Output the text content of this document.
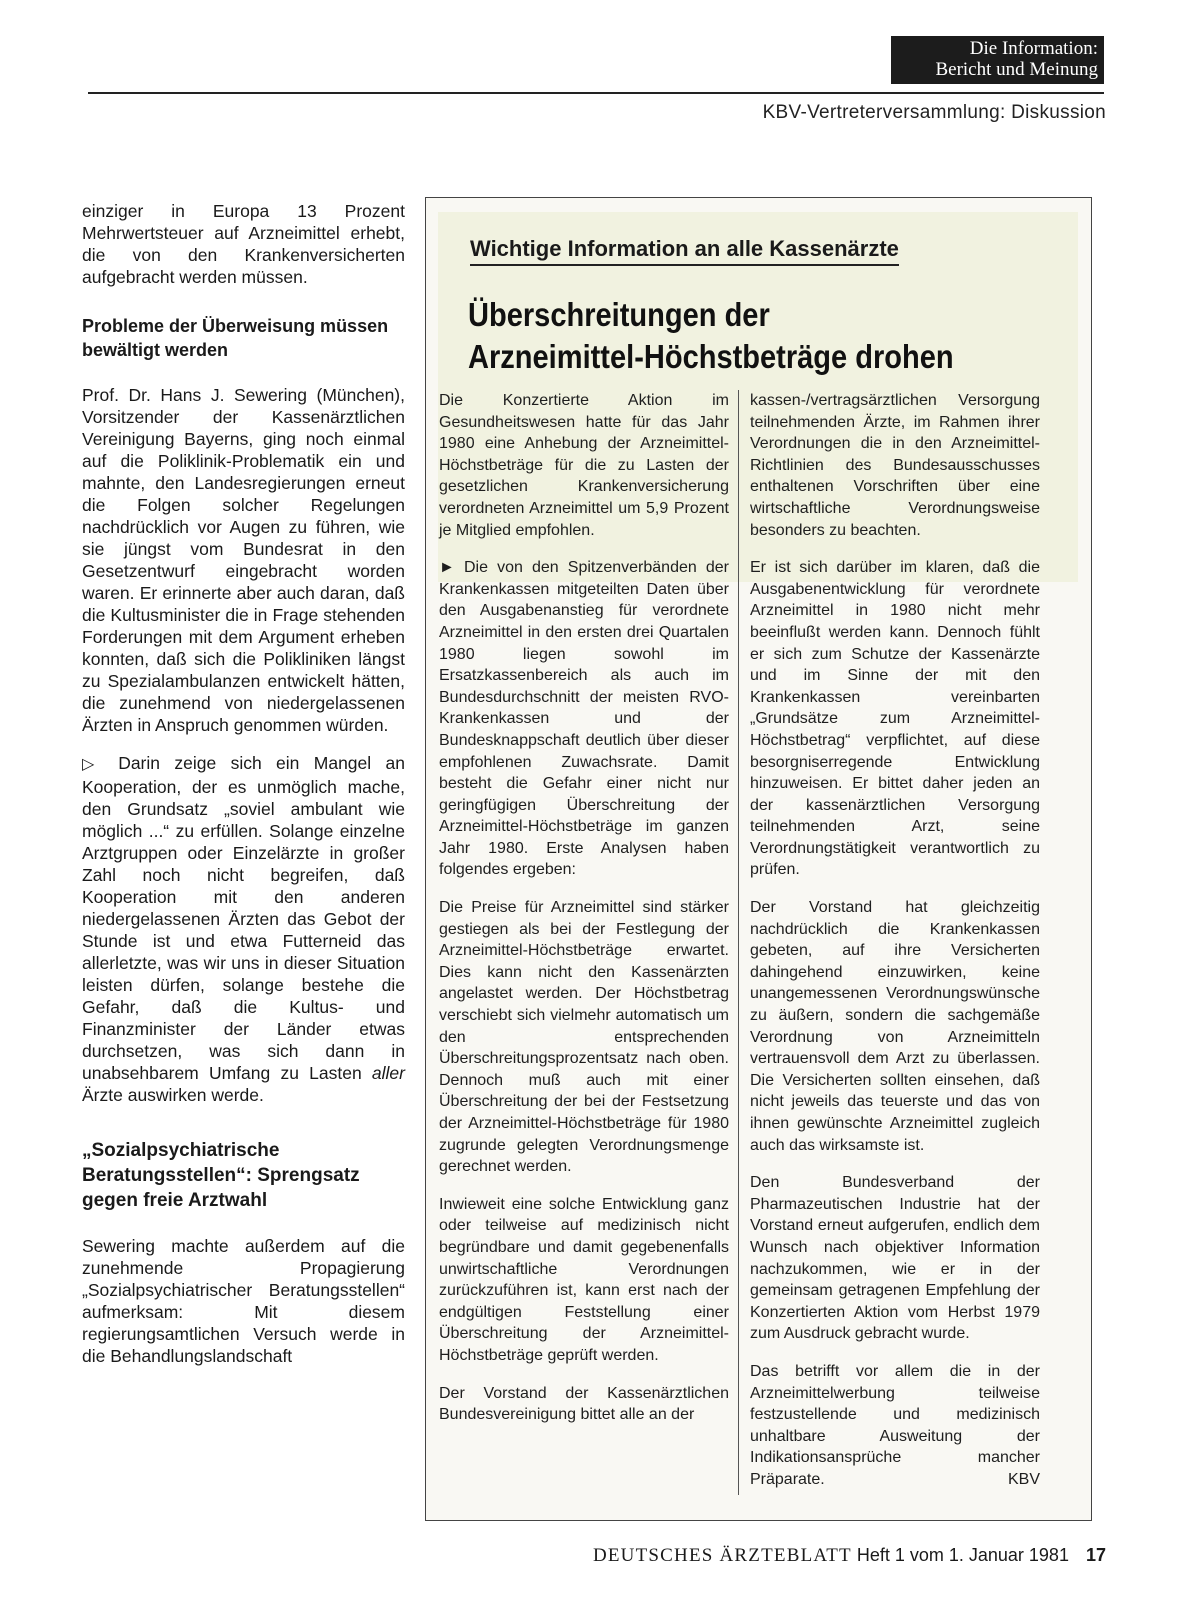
Die Information:
Bericht und Meinung
KBV-Vertreterversammlung: Diskussion

einziger in Europa 13 Prozent Mehrwertsteuer auf Arzneimittel erhebt, die von den Krankenversicherten aufgebracht werden müssen.

Probleme der Überweisung müssen bewältigt werden

Prof. Dr. Hans J. Sewering (München), Vorsitzender der Kassenärztlichen Vereinigung Bayerns, ging noch einmal auf die Poliklinik-Problematik ein und mahnte, den Landesregierungen erneut die Folgen solcher Regelungen nachdrücklich vor Augen zu führen, wie sie jüngst vom Bundesrat in den Gesetzentwurf eingebracht worden waren. Er erinnerte aber auch daran, daß die Kultusminister die in Frage stehenden Forderungen mit dem Argument erheben konnten, daß sich die Polikliniken längst zu Spezialambulanzen entwickelt hätten, die zunehmend von niedergelassenen Ärzten in Anspruch genommen würden.

▷ Darin zeige sich ein Mangel an Kooperation, der es unmöglich mache, den Grundsatz „soviel ambulant wie möglich ...“ zu erfüllen. Solange einzelne Arztgruppen oder Einzelärzte in großer Zahl noch nicht begreifen, daß Kooperation mit den anderen niedergelassenen Ärzten das Gebot der Stunde ist und etwa Futterneid das allerletzte, was wir uns in dieser Situation leisten dürfen, solange bestehe die Gefahr, daß die Kultus- und Finanzminister der Länder etwas durchsetzen, was sich dann in unabsehbarem Umfang zu Lasten aller Ärzte auswirken werde.

„Sozialpsychiatrische Beratungsstellen“: Sprengsatz gegen freie Arztwahl

Sewering machte außerdem auf die zunehmende Propagierung „Sozialpsychiatrischer Beratungsstellen“ aufmerksam: Mit diesem regierungsamtlichen Versuch werde in die Behandlungslandschaft

Wichtige Information an alle Kassenärzte
Überschreitungen der
Arzneimittel-Höchstbeträge drohen

Die Konzertierte Aktion im Gesundheitswesen hatte für das Jahr 1980 eine Anhebung der Arzneimittel-Höchstbeträge für die zu Lasten der gesetzlichen Krankenversicherung verordneten Arzneimittel um 5,9 Prozent je Mitglied empfohlen.

► Die von den Spitzenverbänden der Krankenkassen mitgeteilten Daten über den Ausgabenanstieg für verordnete Arzneimittel in den ersten drei Quartalen 1980 liegen sowohl im Ersatzkassenbereich als auch im Bundesdurchschnitt der meisten RVO-Krankenkassen und der Bundesknappschaft deutlich über dieser empfohlenen Zuwachsrate. Damit besteht die Gefahr einer nicht nur geringfügigen Überschreitung der Arzneimittel-Höchstbeträge im ganzen Jahr 1980. Erste Analysen haben folgendes ergeben:

Die Preise für Arzneimittel sind stärker gestiegen als bei der Festlegung der Arzneimittel-Höchstbeträge erwartet. Dies kann nicht den Kassenärzten angelastet werden. Der Höchstbetrag verschiebt sich vielmehr automatisch um den entsprechenden Überschreitungsprozentsatz nach oben. Dennoch muß auch mit einer Überschreitung der bei der Festsetzung der Arzneimittel-Höchstbeträge für 1980 zugrunde gelegten Verordnungsmenge gerechnet werden.

Inwieweit eine solche Entwicklung ganz oder teilweise auf medizinisch nicht begründbare und damit gegebenenfalls unwirtschaftliche Verordnungen zurückzuführen ist, kann erst nach der endgültigen Feststellung einer Überschreitung der Arzneimittel-Höchstbeträge geprüft werden.

Der Vorstand der Kassenärztlichen Bundesvereinigung bittet alle an der

kassen-/vertragsärztlichen Versorgung teilnehmenden Ärzte, im Rahmen ihrer Verordnungen die in den Arzneimittel-Richtlinien des Bundesausschusses enthaltenen Vorschriften über eine wirtschaftliche Verordnungsweise besonders zu beachten.

Er ist sich darüber im klaren, daß die Ausgabenentwicklung für verordnete Arzneimittel in 1980 nicht mehr beeinflußt werden kann. Dennoch fühlt er sich zum Schutze der Kassenärzte und im Sinne der mit den Krankenkassen vereinbarten „Grundsätze zum Arzneimittel-Höchstbetrag“ verpflichtet, auf diese besorgniserregende Entwicklung hinzuweisen. Er bittet daher jeden an der kassenärztlichen Versorgung teilnehmenden Arzt, seine Verordnungstätigkeit verantwortlich zu prüfen.

Der Vorstand hat gleichzeitig nachdrücklich die Krankenkassen gebeten, auf ihre Versicherten dahingehend einzuwirken, keine unangemessenen Verordnungswünsche zu äußern, sondern die sachgemäße Verordnung von Arzneimitteln vertrauensvoll dem Arzt zu überlassen. Die Versicherten sollten einsehen, daß nicht jeweils das teuerste und das von ihnen gewünschte Arzneimittel zugleich auch das wirksamste ist.

Den Bundesverband der Pharmazeutischen Industrie hat der Vorstand erneut aufgerufen, endlich dem Wunsch nach objektiver Information nachzukommen, wie er in der gemeinsam getragenen Empfehlung der Konzertierten Aktion vom Herbst 1979 zum Ausdruck gebracht wurde.

Das betrifft vor allem die in der Arzneimittelwerbung teilweise festzustellende und medizinisch unhaltbare Ausweitung der Indikationsansprüche mancher Präparate.	KBV

DEUTSCHES ÄRZTEBLATT Heft 1 vom 1. Januar 1981 17
